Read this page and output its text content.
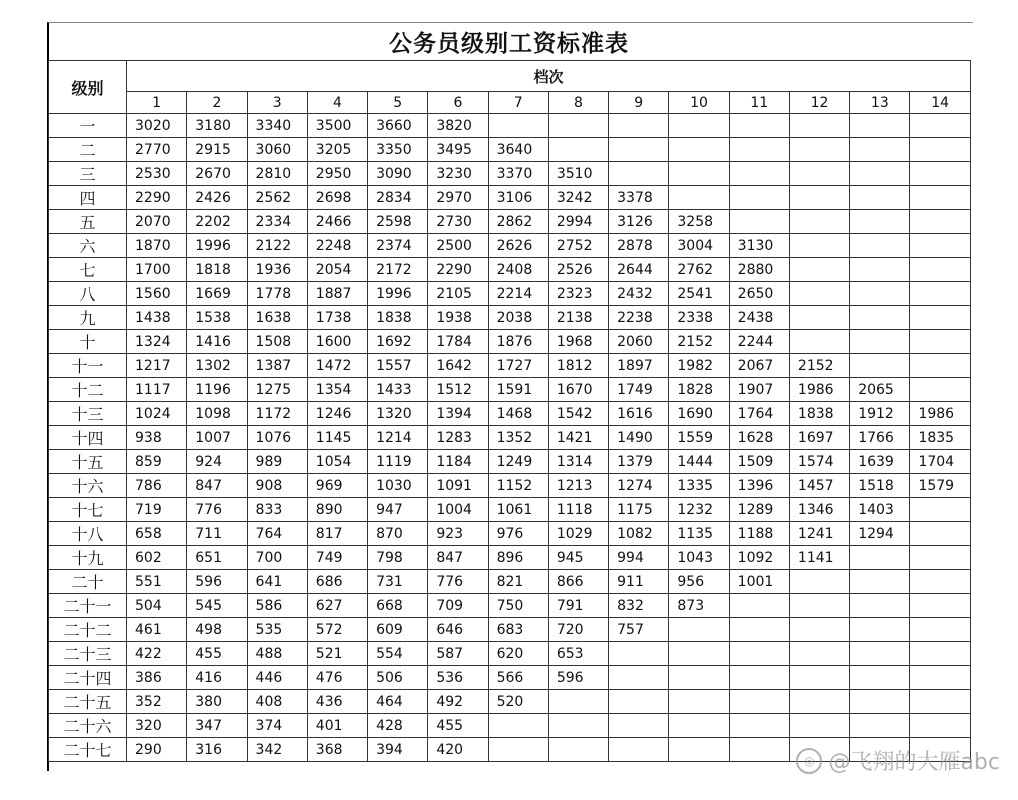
公务员级别工资标准表
级别	档次													
	1	2	3	4	5	6	7	8	9	10	11	12	13	14
一	3020	3180	3340	3500	3660	3820								
二	2770	2915	3060	3205	3350	3495	3640							
三	2530	2670	2810	2950	3090	3230	3370	3510						
四	2290	2426	2562	2698	2834	2970	3106	3242	3378					
五	2070	2202	2334	2466	2598	2730	2862	2994	3126	3258				
六	1870	1996	2122	2248	2374	2500	2626	2752	2878	3004	3130			
七	1700	1818	1936	2054	2172	2290	2408	2526	2644	2762	2880			
八	1560	1669	1778	1887	1996	2105	2214	2323	2432	2541	2650			
九	1438	1538	1638	1738	1838	1938	2038	2138	2238	2338	2438			
十	1324	1416	1508	1600	1692	1784	1876	1968	2060	2152	2244			
十一	1217	1302	1387	1472	1557	1642	1727	1812	1897	1982	2067	2152		
十二	1117	1196	1275	1354	1433	1512	1591	1670	1749	1828	1907	1986	2065	
十三	1024	1098	1172	1246	1320	1394	1468	1542	1616	1690	1764	1838	1912	1986
十四	938	1007	1076	1145	1214	1283	1352	1421	1490	1559	1628	1697	1766	1835
十五	859	924	989	1054	1119	1184	1249	1314	1379	1444	1509	1574	1639	1704
十六	786	847	908	969	1030	1091	1152	1213	1274	1335	1396	1457	1518	1579
十七	719	776	833	890	947	1004	1061	1118	1175	1232	1289	1346	1403	
十八	658	711	764	817	870	923	976	1029	1082	1135	1188	1241	1294	
十九	602	651	700	749	798	847	896	945	994	1043	1092	1141		
二十	551	596	641	686	731	776	821	866	911	956	1001			
二十一	504	545	586	627	668	709	750	791	832	873				
二十二	461	498	535	572	609	646	683	720	757					
二十三	422	455	488	521	554	587	620	653						
二十四	386	416	446	476	506	536	566	596						
二十五	352	380	408	436	464	492	520							
二十六	320	347	374	401	428	455								
二十七	290	316	342	368	394	420								
◎ @飞翔的大雁abc
